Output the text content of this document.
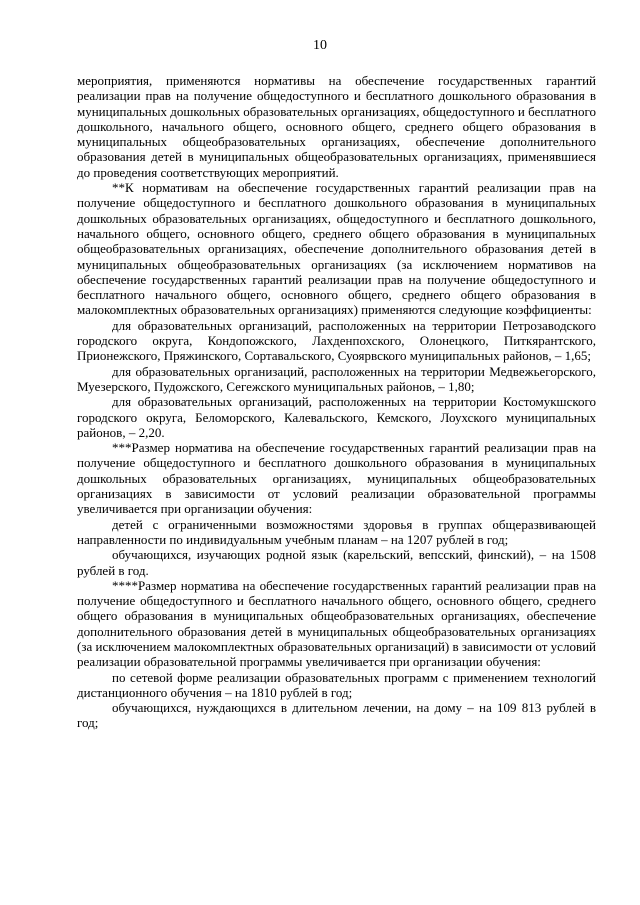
10

мероприятия, применяются нормативы на обеспечение государственных гарантий реализации прав на получение общедоступного и бесплатного дошкольного образования в муниципальных дошкольных образовательных организациях, общедоступного и бесплатного дошкольного, начального общего, основного общего, среднего общего образования в муниципальных общеобразовательных организациях, обеспечение дополнительного образования детей в муниципальных общеобразовательных организациях, применявшиеся до проведения соответствующих мероприятий.

**К нормативам на обеспечение государственных гарантий реализации прав на получение общедоступного и бесплатного дошкольного образования в муниципальных дошкольных образовательных организациях, общедоступного и бесплатного дошкольного, начального общего, основного общего, среднего общего образования в муниципальных общеобразовательных организациях, обеспечение дополнительного образования детей в муниципальных общеобразовательных организациях (за исключением нормативов на обеспечение государственных гарантий реализации прав на получение общедоступного и бесплатного начального общего, основного общего, среднего общего образования в малокомплектных образовательных организациях) применяются следующие коэффициенты:

для образовательных организаций, расположенных на территории Петрозаводского городского округа, Кондопожского, Лахденпохского, Олонецкого, Питкярантского, Прионежского, Пряжинского, Сортавальского, Суоярвского муниципальных районов, – 1,65;

для образовательных организаций, расположенных на территории Медвежьегорского, Муезерского, Пудожского, Сегежского муниципальных районов, – 1,80;

для образовательных организаций, расположенных на территории Костомукшского городского округа, Беломорского, Калевальского, Кемского, Лоухского муниципальных районов, – 2,20.

***Размер норматива на обеспечение государственных гарантий реализации прав на получение общедоступного и бесплатного дошкольного образования в муниципальных дошкольных образовательных организациях, муниципальных общеобразовательных организациях в зависимости от условий реализации образовательной программы увеличивается при организации обучения:

детей с ограниченными возможностями здоровья в группах общеразвивающей направленности по индивидуальным учебным планам – на 1207 рублей в год;

обучающихся, изучающих родной язык (карельский, вепсский, финский), – на 1508 рублей в год.

****Размер норматива на обеспечение государственных гарантий реализации прав на получение общедоступного и бесплатного начального общего, основного общего, среднего общего образования в муниципальных общеобразовательных организациях, обеспечение дополнительного образования детей в муниципальных общеобразовательных организациях (за исключением малокомплектных образовательных организаций) в зависимости от условий реализации образовательной программы увеличивается при организации обучения:

по сетевой форме реализации образовательных программ с применением технологий дистанционного обучения – на 1810 рублей в год;

обучающихся, нуждающихся в длительном лечении, на дому – на 109 813 рублей в год;
